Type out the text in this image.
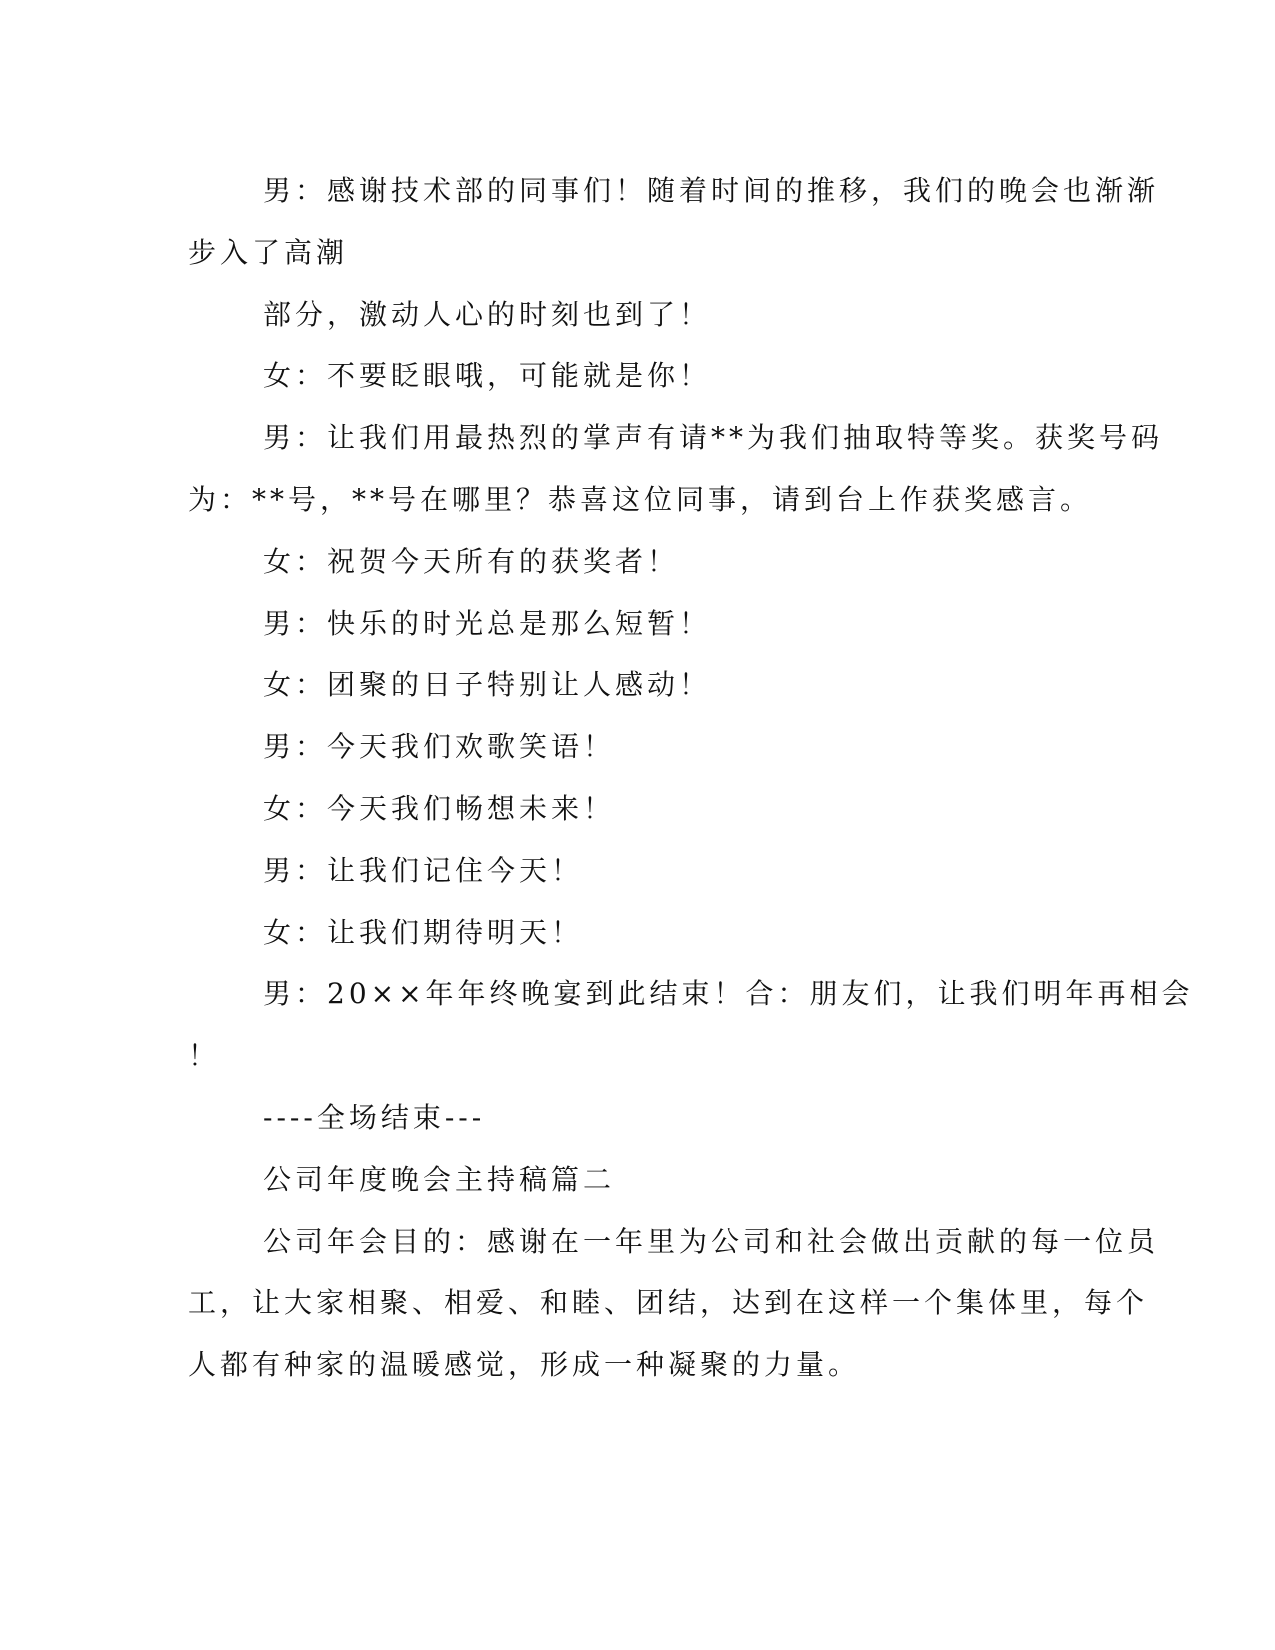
男：感谢技术部的同事们！随着时间的推移，我们的晚会也渐渐
步入了高潮
部分，激动人心的时刻也到了！
女：不要眨眼哦，可能就是你！
男：让我们用最热烈的掌声有请**为我们抽取特等奖。获奖号码
为：**号，**号在哪里？恭喜这位同事，请到台上作获奖感言。
女：祝贺今天所有的获奖者！
男：快乐的时光总是那么短暂！
女：团聚的日子特别让人感动！
男：今天我们欢歌笑语！
女：今天我们畅想未来！
男：让我们记住今天！
女：让我们期待明天！
男：20××年年终晚宴到此结束！合：朋友们，让我们明年再相会
！
----全场结束---
公司年度晚会主持稿篇二
公司年会目的：感谢在一年里为公司和社会做出贡献的每一位员
工，让大家相聚、相爱、和睦、团结，达到在这样一个集体里，每个
人都有种家的温暖感觉，形成一种凝聚的力量。
